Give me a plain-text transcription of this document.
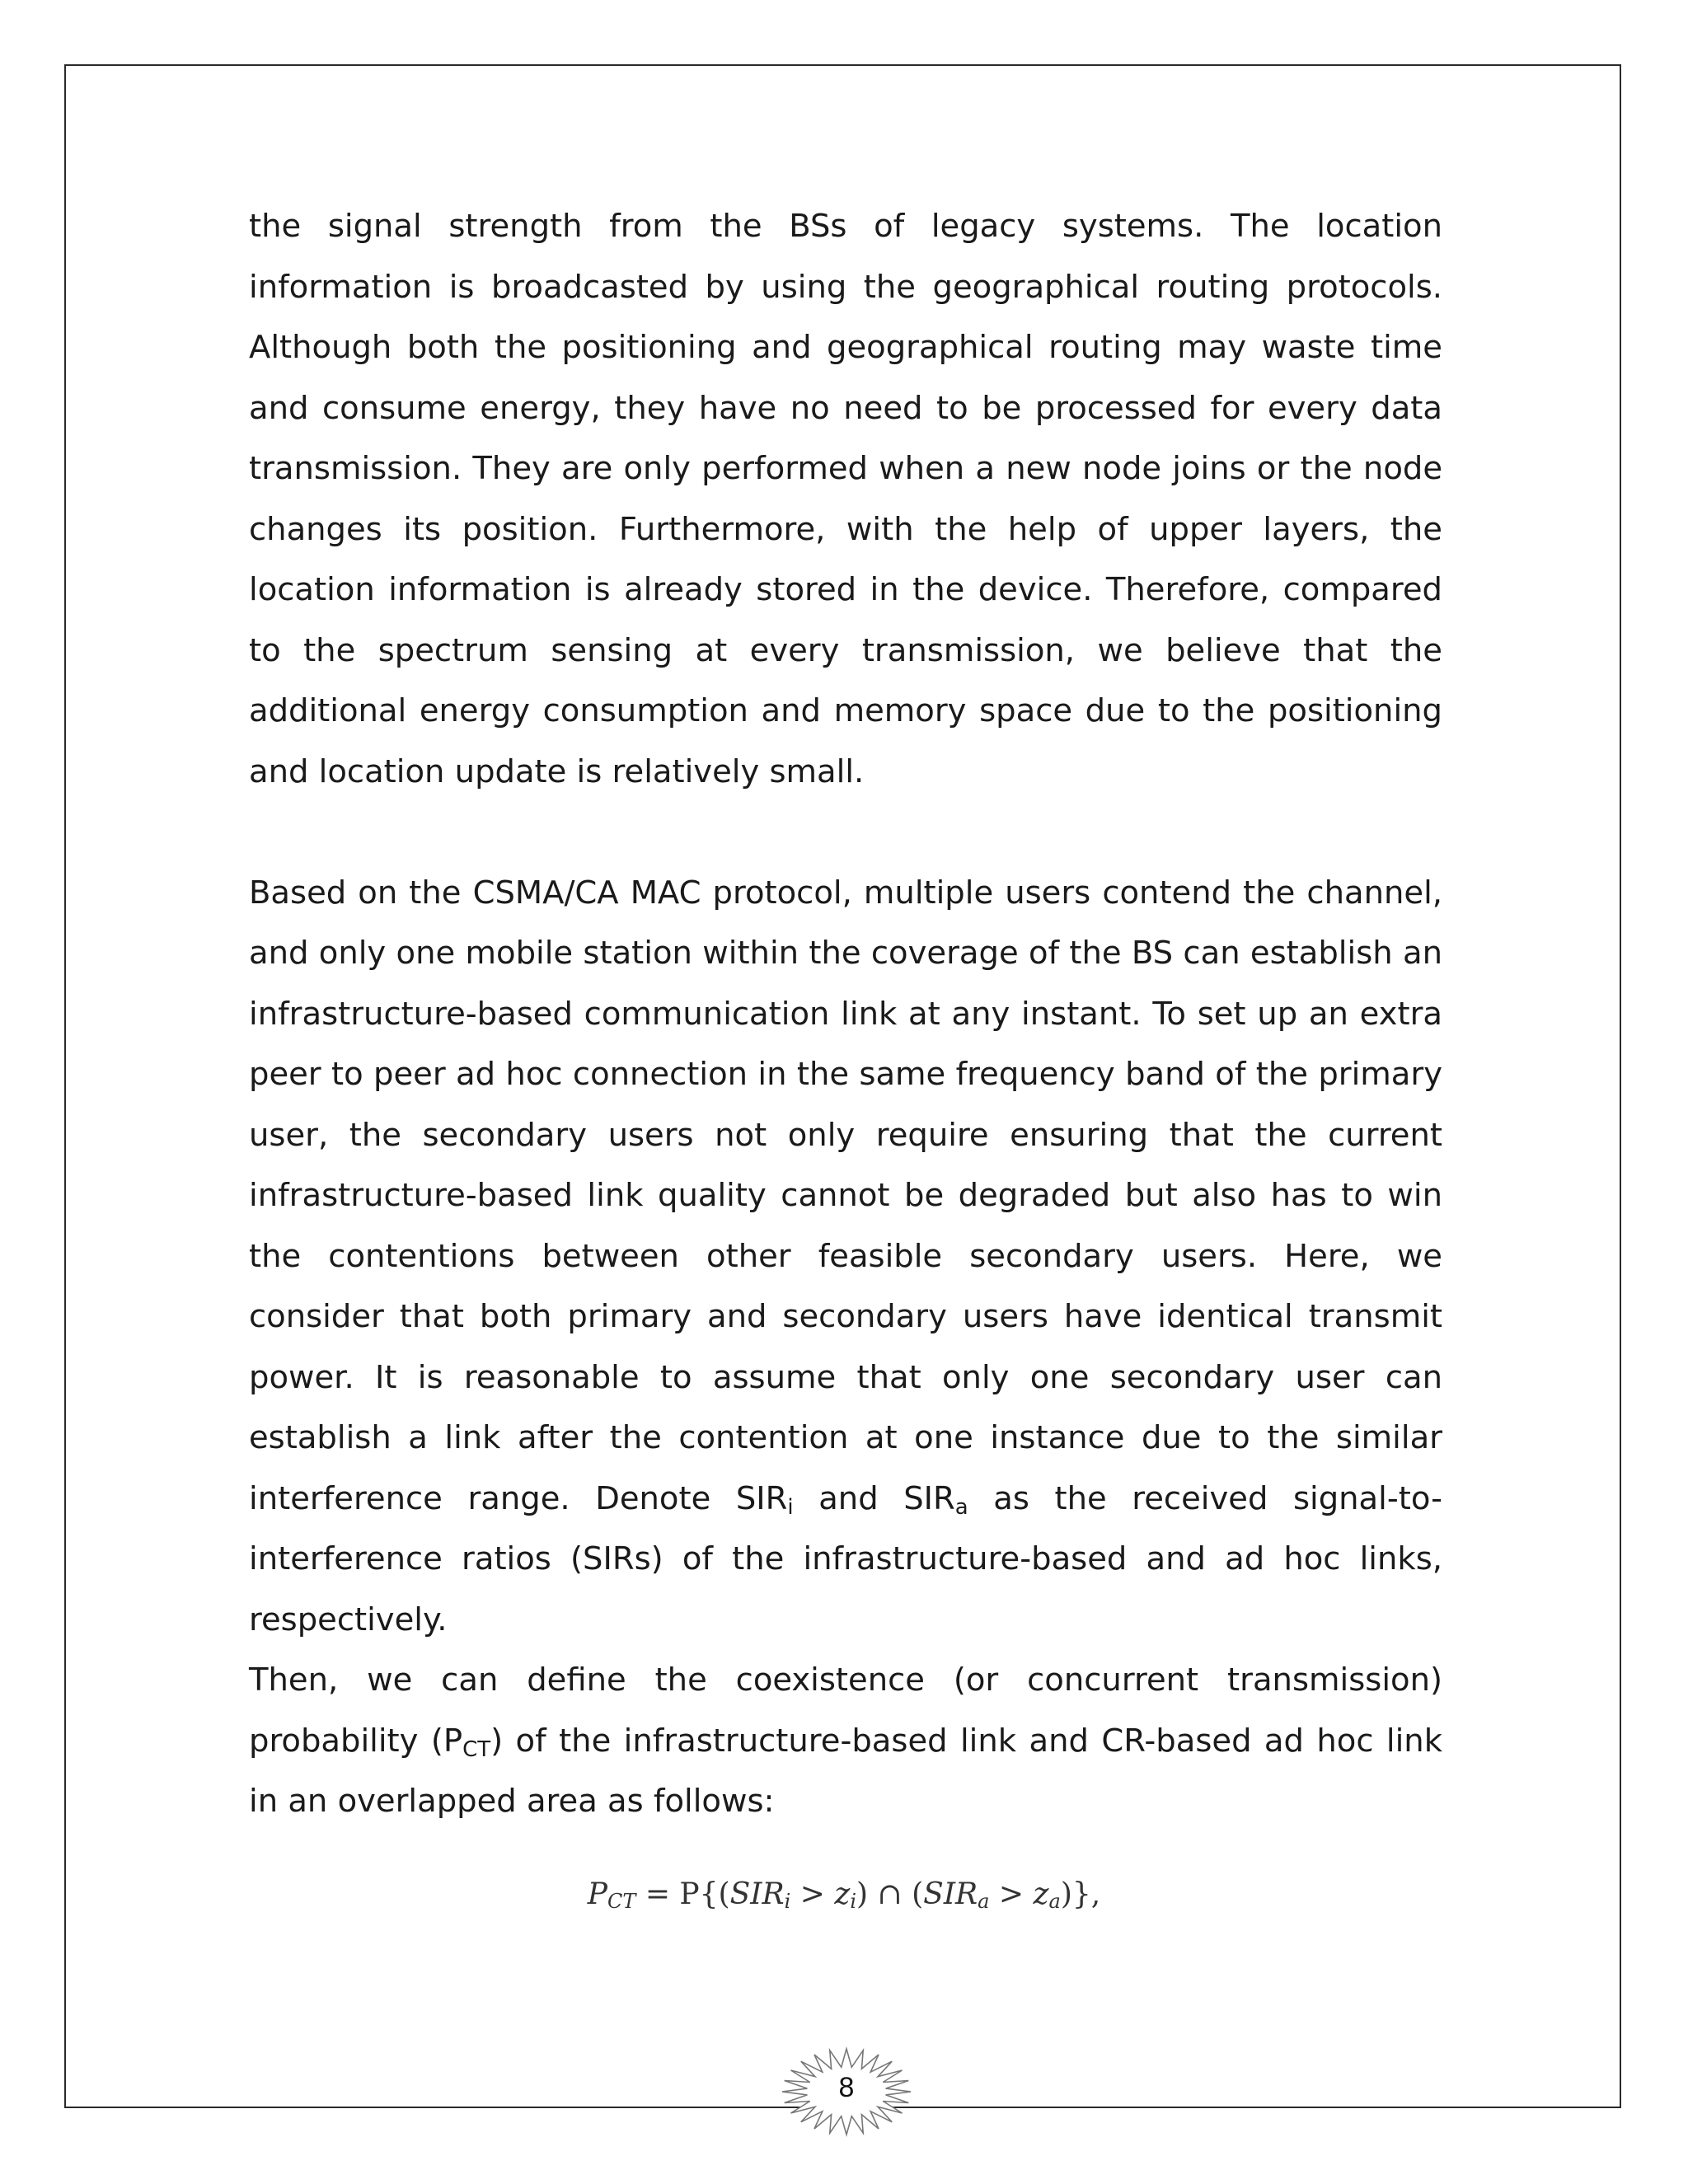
the signal strength from the BSs of legacy systems. The location information is broadcasted by using the geographical routing protocols. Although both the positioning and geographical routing may waste time and consume energy, they have no need to be processed for every data transmission. They are only performed when a new node joins or the node changes its position. Furthermore, with the help of upper layers, the location information is already stored in the device. Therefore, compared to the spectrum sensing at every transmission, we believe that the additional energy consumption and memory space due to the positioning and location update is relatively small.

Based on the CSMA/CA MAC protocol, multiple users contend the channel, and only one mobile station within the coverage of the BS can establish an infrastructure-based communication link at any instant. To set up an extra peer to peer ad hoc connection in the same frequency band of the primary user, the secondary users not only require ensuring that the current infrastructure-based link quality cannot be degraded but also has to win the contentions between other feasible secondary users. Here, we consider that both primary and secondary users have identical transmit power. It is reasonable to assume that only one secondary user can establish a link after the contention at one instance due to the similar interference range. Denote $SIR_i$ and $SIR_a$ as the received signal-to-interference ratios (SIRs) of the infrastructure-based and ad hoc links, respectively.

Then, we can define the coexistence (or concurrent transmission) probability $(P_{CT})$ of the infrastructure-based link and CR-based ad hoc link in an overlapped area as follows:

$P_{CT} = P\{(SIR_i > z_i)$ ∩ $(SIR_a > z_a)$},
8
